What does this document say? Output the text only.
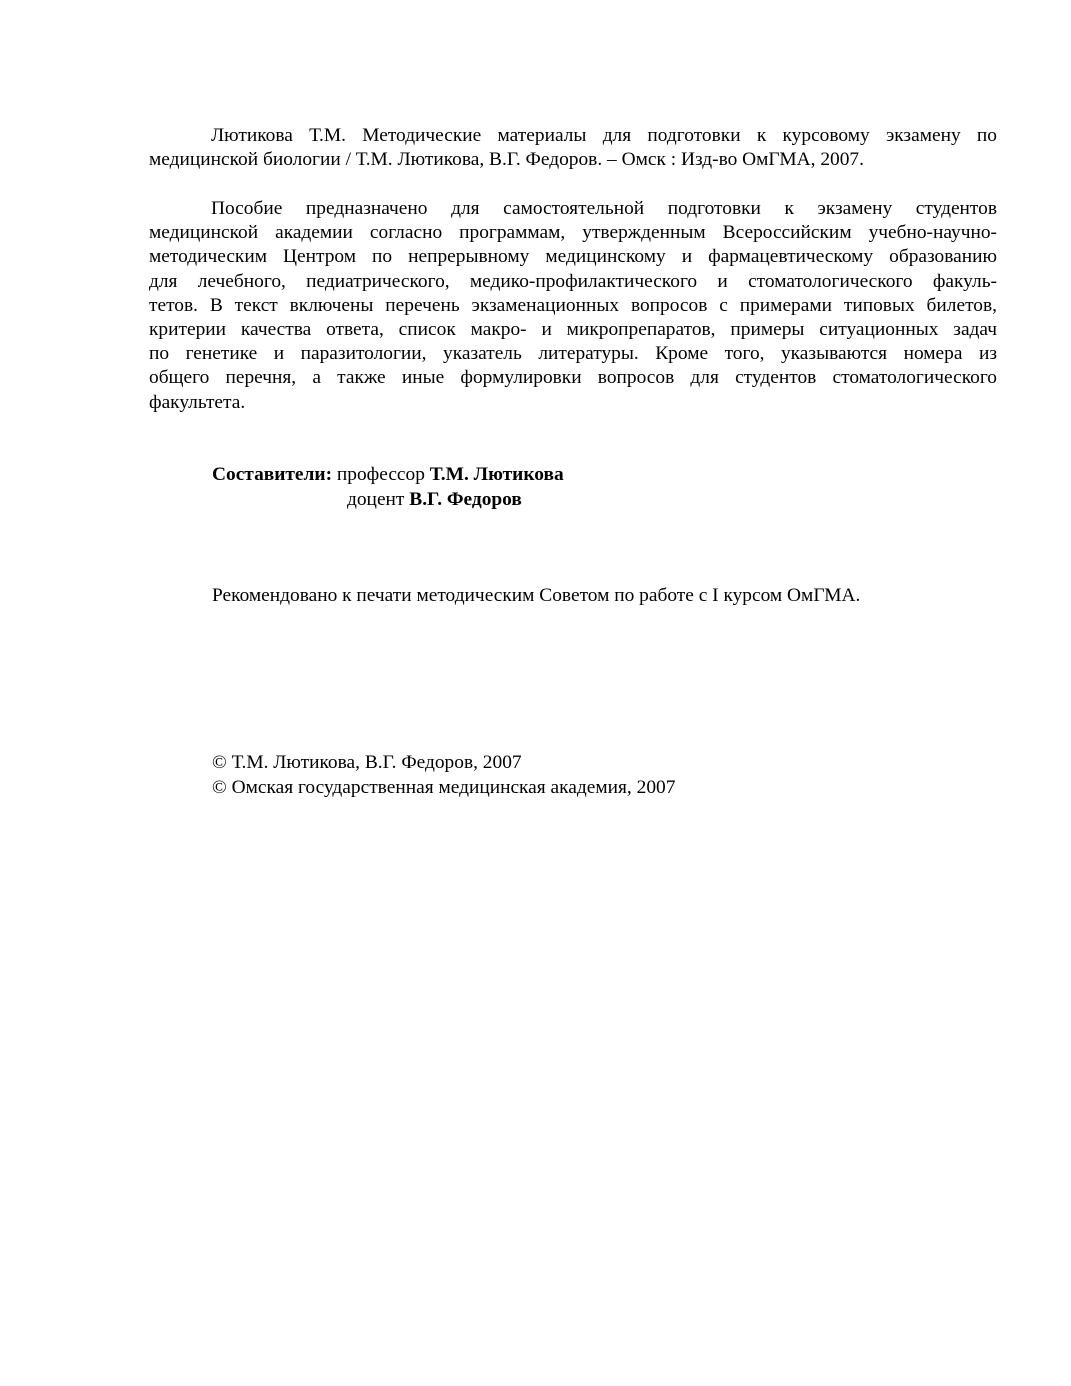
Лютикова Т.М. Методические материалы для подготовки к курсовому экзамену по
медицинской биологии / Т.М. Лютикова, В.Г. Федоров. – Омск : Изд-во ОмГМА, 2007.
Пособие предназначено для самостоятельной подготовки к экзамену студентов
медицинской академии согласно программам, утвержденным Всероссийским учебно-научно-
методическим Центром по непрерывному медицинскому и фармацевтическому образованию
для лечебного, педиатрического, медико-профилактического и стоматологического факуль-
тетов. В текст включены перечень экзаменационных вопросов с примерами типовых билетов,
критерии качества ответа, список макро- и микропрепаратов, примеры ситуационных задач
по генетике и паразитологии, указатель литературы. Кроме того, указываются номера из
общего перечня, а также иные формулировки вопросов для студентов стоматологического
факультета.
Составители: профессор Т.М. Лютикова
доцент В.Г. Федоров
Рекомендовано к печати методическим Советом по работе с I курсом ОмГМА.
© Т.М. Лютикова, В.Г. Федоров, 2007
© Омская государственная медицинская академия, 2007
